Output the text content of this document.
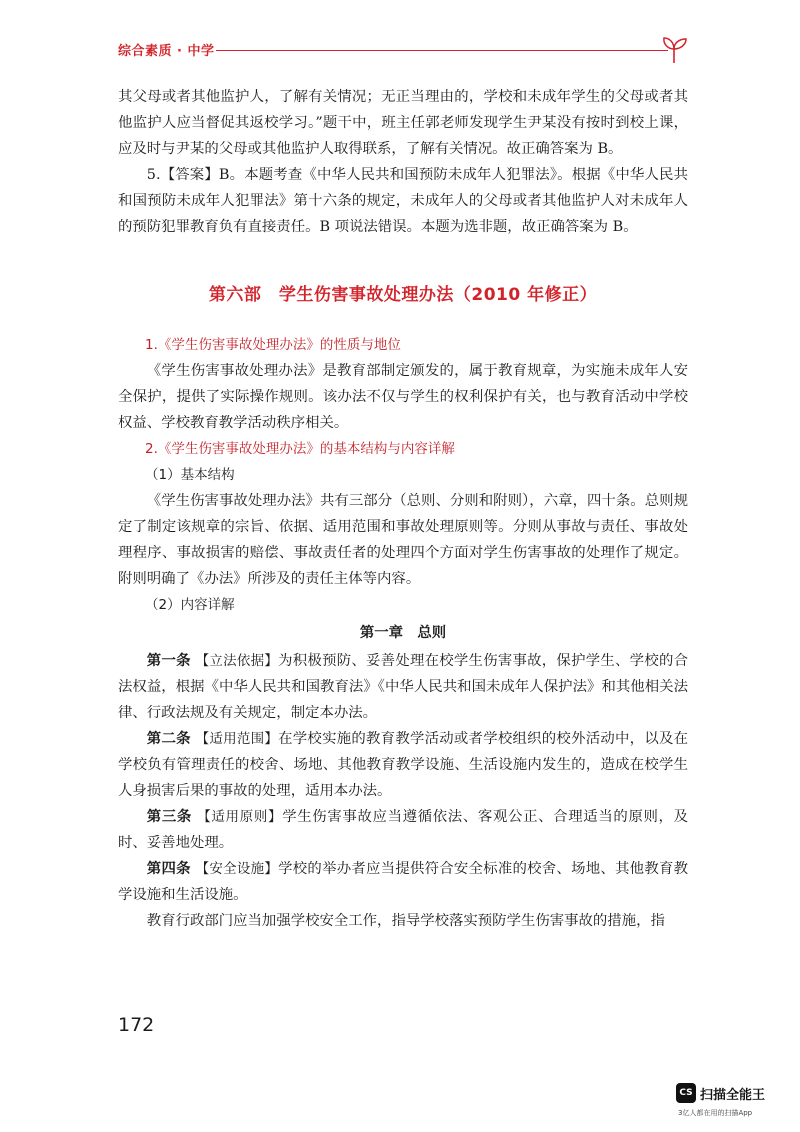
综合素质 · 中学

其父母或者其他监护人，了解有关情况；无正当理由的，学校和未成年学生的父母或者其他监护人应当督促其返校学习。”题干中，班主任郭老师发现学生尹某没有按时到校上课，应及时与尹某的父母或其他监护人取得联系，了解有关情况。故正确答案为 B。

5.【答案】B。本题考查《中华人民共和国预防未成年人犯罪法》。根据《中华人民共和国预防未成年人犯罪法》第十六条的规定，未成年人的父母或者其他监护人对未成年人的预防犯罪教育负有直接责任。B 项说法错误。本题为选非题，故正确答案为 B。

第六部　学生伤害事故处理办法（2010 年修正）

1.《学生伤害事故处理办法》的性质与地位

《学生伤害事故处理办法》是教育部制定颁发的，属于教育规章，为实施未成年人安全保护，提供了实际操作规则。该办法不仅与学生的权利保护有关，也与教育活动中学校权益、学校教育教学活动秩序相关。

2.《学生伤害事故处理办法》的基本结构与内容详解

（1）基本结构

《学生伤害事故处理办法》共有三部分（总则、分则和附则），六章，四十条。总则规定了制定该规章的宗旨、依据、适用范围和事故处理原则等。分则从事故与责任、事故处理程序、事故损害的赔偿、事故责任者的处理四个方面对学生伤害事故的处理作了规定。附则明确了《办法》所涉及的责任主体等内容。

（2）内容详解

第一章　总则

第一条 【立法依据】为积极预防、妥善处理在校学生伤害事故，保护学生、学校的合法权益，根据《中华人民共和国教育法》《中华人民共和国未成年人保护法》和其他相关法律、行政法规及有关规定，制定本办法。

第二条 【适用范围】在学校实施的教育教学活动或者学校组织的校外活动中，以及在学校负有管理责任的校舍、场地、其他教育教学设施、生活设施内发生的，造成在校学生人身损害后果的事故的处理，适用本办法。

第三条 【适用原则】学生伤害事故应当遵循依法、客观公正、合理适当的原则，及时、妥善地处理。

第四条 【安全设施】学校的举办者应当提供符合安全标准的校舍、场地、其他教育教学设施和生活设施。

教育行政部门应当加强学校安全工作，指导学校落实预防学生伤害事故的措施，指

172
CS 扫描全能王
3亿人都在用的扫描App
